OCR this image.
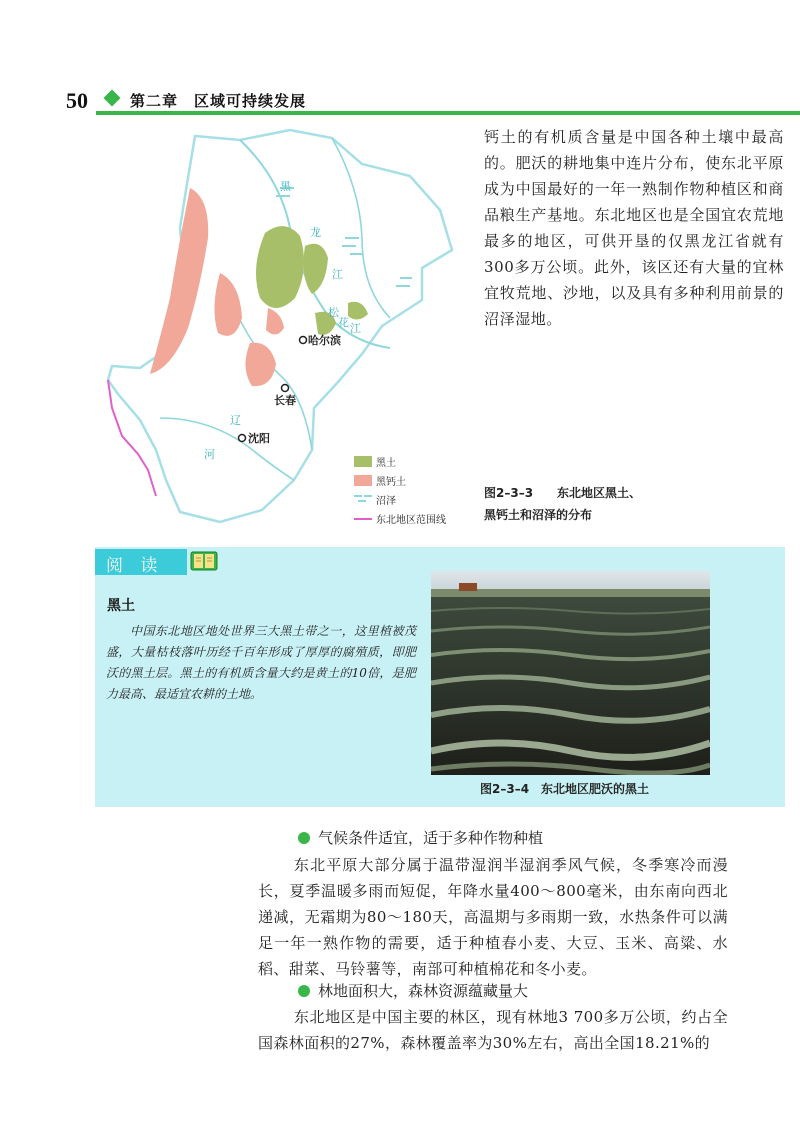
50	第二章　区域可持续发展
黑
龙
江
松
花 江
辽
河
哈尔滨
长春
沈阳
黑土
黑钙土
沼泽
东北地区范围线
钙土的有机质含量是中国各种土壤中最高的。肥沃的耕地集中连片分布，使东北平原成为中国最好的一年一熟制作物种植区和商品粮生产基地。东北地区也是全国宜农荒地最多的地区，可供开垦的仅黑龙江省就有300多万公顷。此外，该区还有大量的宜林宜牧荒地、沙地，以及具有多种利用前景的沼泽湿地。
图2–3–3　　东北地区黑土、
黑钙土和沼泽的分布
阅 读
黑土
中国东北地区地处世界三大黑土带之一，这里植被茂盛，大量枯枝落叶历经千百年形成了厚厚的腐殖质，即肥沃的黑土层。黑土的有机质含量大约是黄土的10倍，是肥力最高、最适宜农耕的土地。
图2–3–4　东北地区肥沃的黑土
气候条件适宜，适于多种作物种植
东北平原大部分属于温带湿润半湿润季风气候，冬季寒冷而漫长，夏季温暖多雨而短促，年降水量400～800毫米，由东南向西北递减，无霜期为80～180天，高温期与多雨期一致，水热条件可以满足一年一熟作物的需要，适于种植春小麦、大豆、玉米、高粱、水稻、甜菜、马铃薯等，南部可种植棉花和冬小麦。
林地面积大，森林资源蕴藏量大
东北地区是中国主要的林区，现有林地3 700多万公顷，约占全国森林面积的27%，森林覆盖率为30%左右，高出全国18.21%的
